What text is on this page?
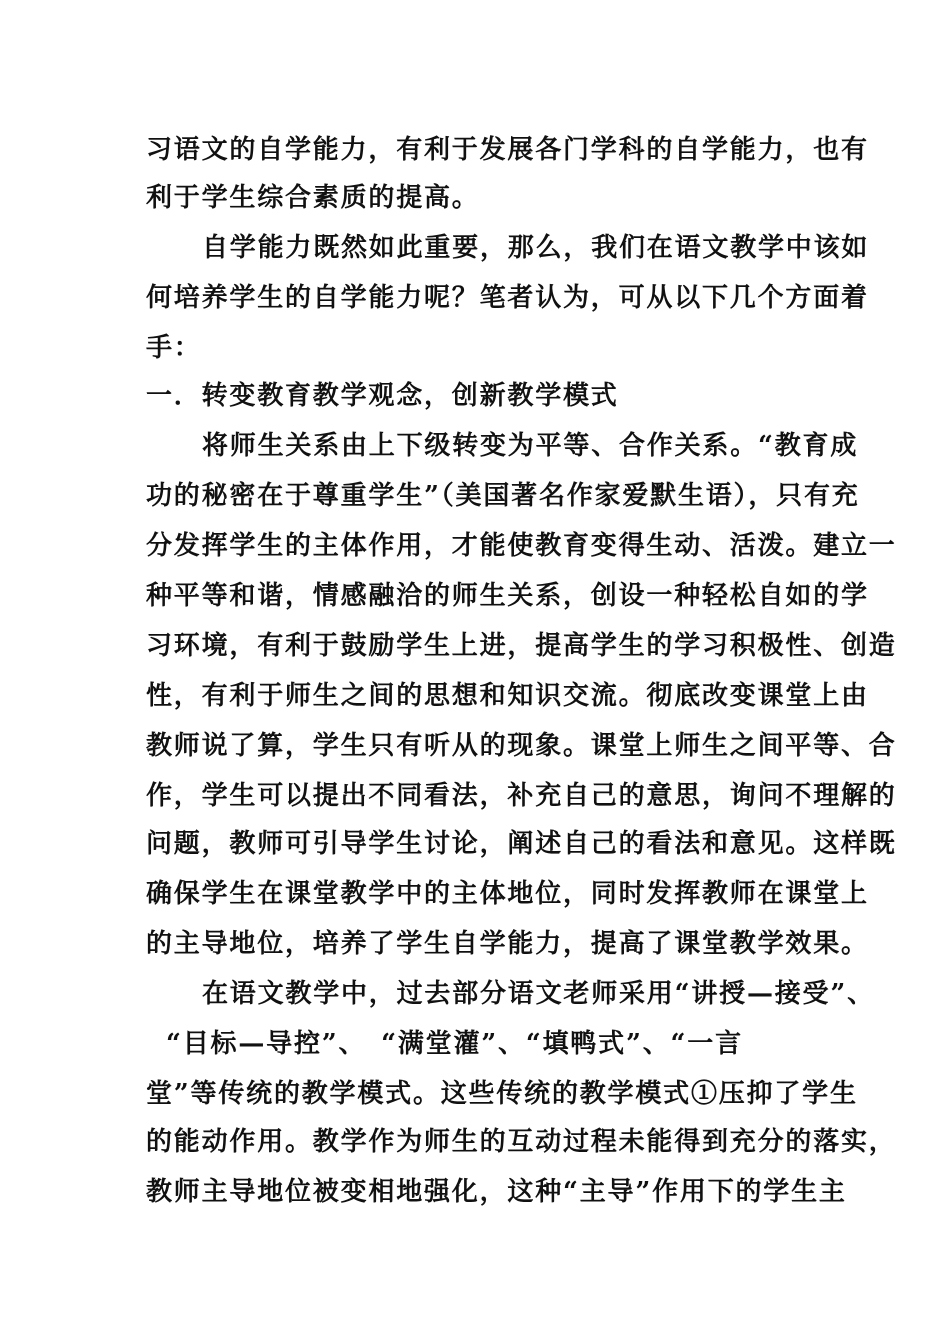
习语文的自学能力，有利于发展各门学科的自学能力，也有
利于学生综合素质的提高。
自学能力既然如此重要，那么，我们在语文教学中该如
何培养学生的自学能力呢？笔者认为，可从以下几个方面着
手：
一．转变教育教学观念，创新教学模式
将师生关系由上下级转变为平等、合作关系。“教育成
功的秘密在于尊重学生”（美国著名作家爱默生语），只有充
分发挥学生的主体作用，才能使教育变得生动、活泼。建立一
种平等和谐，情感融洽的师生关系，创设一种轻松自如的学
习环境，有利于鼓励学生上进，提高学生的学习积极性、创造
性，有利于师生之间的思想和知识交流。彻底改变课堂上由
教师说了算，学生只有听从的现象。课堂上师生之间平等、合
作，学生可以提出不同看法，补充自己的意思，询问不理解的
问题，教师可引导学生讨论，阐述自己的看法和意见。这样既
确保学生在课堂教学中的主体地位，同时发挥教师在课堂上
的主导地位，培养了学生自学能力，提高了课堂教学效果。
在语文教学中，过去部分语文老师采用“讲授—接受”、
“目标—导控”、　“满堂灌”、“填鸭式”、“一言
堂”等传统的教学模式。这些传统的教学模式①压抑了学生
的能动作用。教学作为师生的互动过程未能得到充分的落实，
教师主导地位被变相地强化，这种“主导”作用下的学生主
